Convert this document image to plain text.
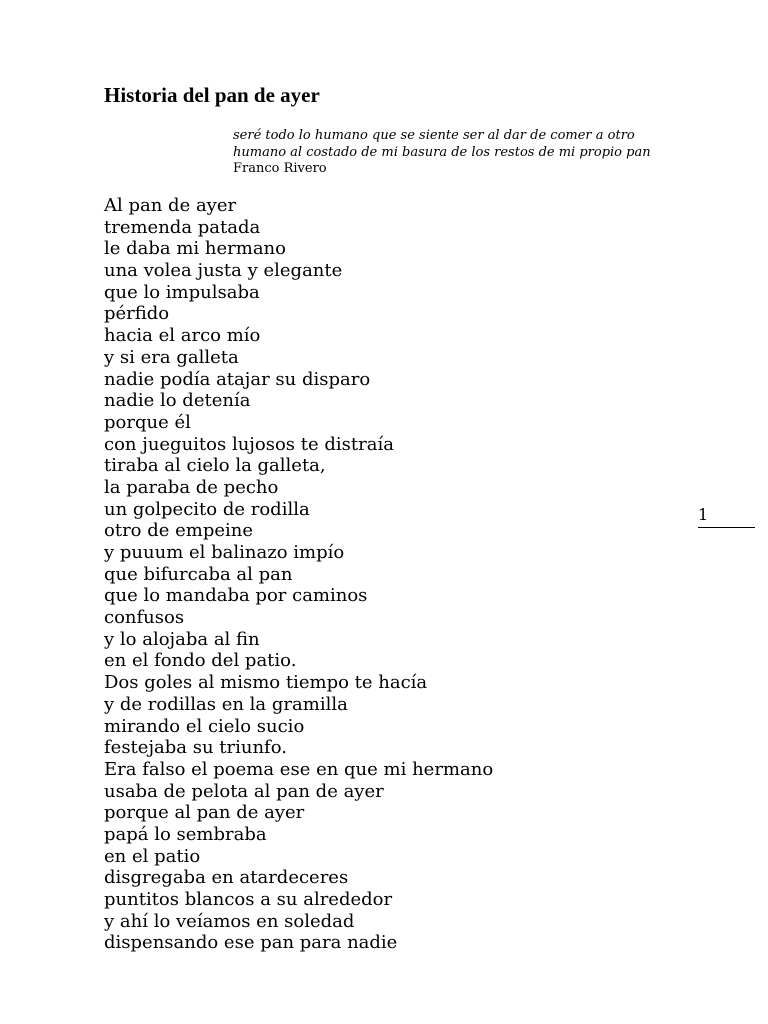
Historia del pan de ayer
seré todo lo humano que se siente ser al dar de comer a otro
humano al costado de mi basura de los restos de mi propio pan
Franco Rivero
Al pan de ayer
tremenda patada
le daba mi hermano
una volea justa y elegante
que lo impulsaba
pérfido
hacia el arco mío
y si era galleta
nadie podía atajar su disparo
nadie lo detenía
porque él
con jueguitos lujosos te distraía
tiraba al cielo la galleta,
la paraba de pecho
un golpecito de rodilla
otro de empeine
y puuum el balinazo impío
que bifurcaba al pan
que lo mandaba por caminos
confusos
y lo alojaba al fin
en el fondo del patio.
Dos goles al mismo tiempo te hacía
y de rodillas en la gramilla
mirando el cielo sucio
festejaba su triunfo.
Era falso el poema ese en que mi hermano
usaba de pelota al pan de ayer
porque al pan de ayer
papá lo sembraba
en el patio
disgregaba en atardeceres
puntitos blancos a su alrededor
y ahí lo veíamos en soledad
dispensando ese pan para nadie
1
